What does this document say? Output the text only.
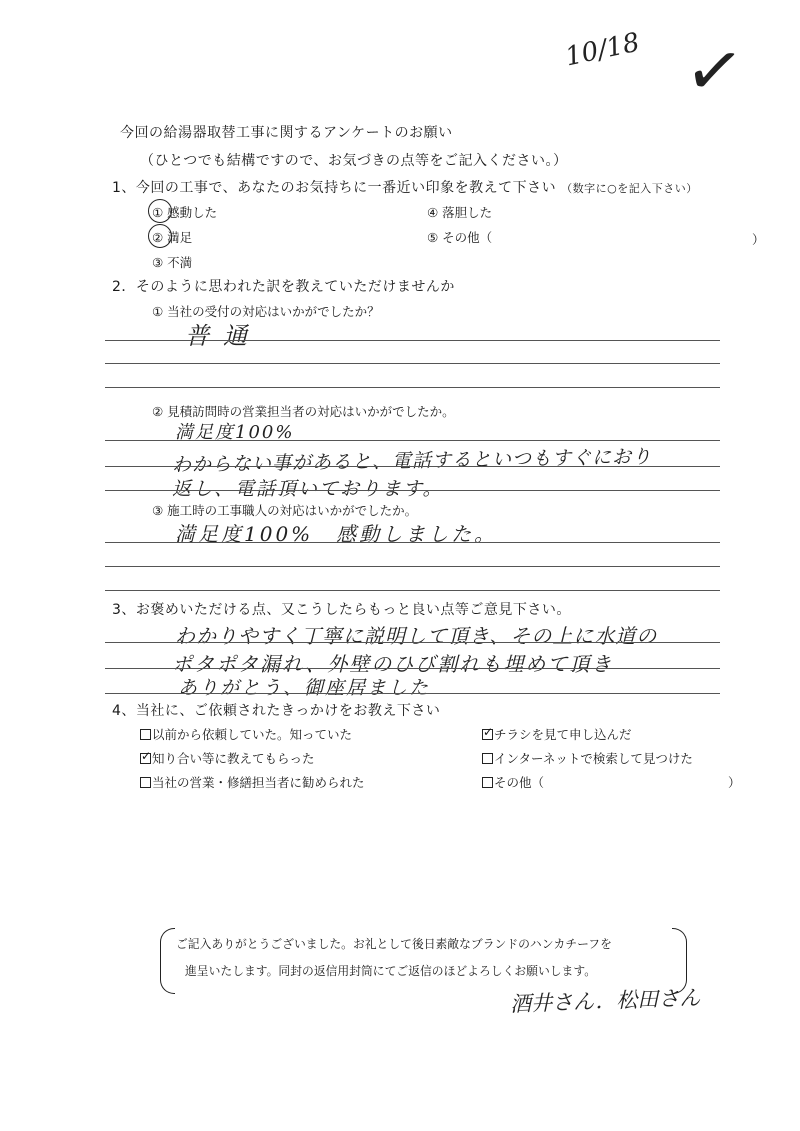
10/18 ✓
今回の給湯器取替工事に関するアンケートのお願い
（ひとつでも結構ですので、お気づきの点等をご記入ください。）
1、今回の工事で、あなたのお気持ちに一番近い印象を教えて下さい （数字に○を記入下さい）
① 感動した
② 満足
③ 不満
④ 落胆した
⑤ その他（	）
2．そのように思われた訳を教えていただけませんか
① 当社の受付の対応はいかがでしたか？
普通
② 見積訪問時の営業担当者の対応はいかがでしたか。
満足度100%
わからない事があると、電話するといつもすぐにおり
返し、電話頂いております。
③ 施工時の工事職人の対応はいかがでしたか。
満足度100%　感動しました。
3、お褒めいただける点、又こうしたらもっと良い点等ご意見下さい。
わかりやすく丁寧に説明して頂き、その上に水道の
ポタポタ漏れ、外壁のひび割れも埋めて頂き
ありがとう、御座居ました
4、当社に、ご依頼されたきっかけをお教え下さい
以前から依頼していた。知っていた
✓知り合い等に教えてもらった
当社の営業・修繕担当者に勧められた
✓チラシを見て申し込んだ
インターネットで検索して見つけた
その他（	）
ご記入ありがとうございました。お礼として後日素敵なブランドのハンカチーフを
進呈いたします。同封の返信用封筒にてご返信のほどよろしくお願いします。
酒井さん．松田さん
